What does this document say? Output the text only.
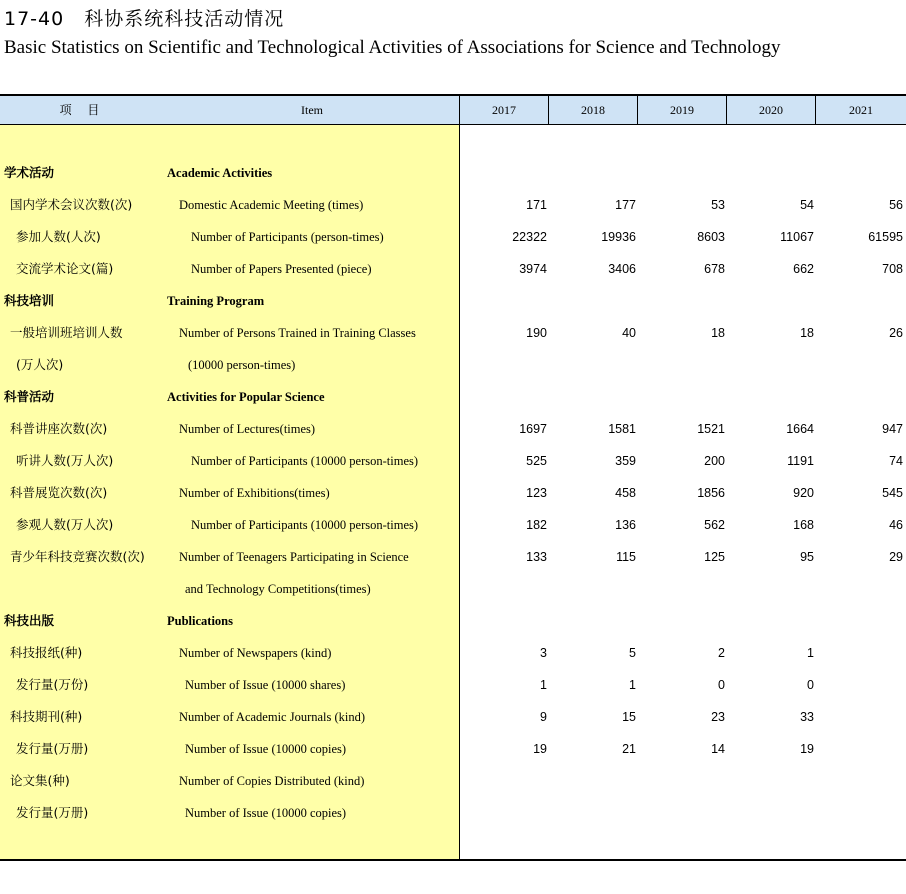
17-40　科协系统科技活动情况
Basic Statistics on Scientific and Technological Activities of Associations for Science and Technology
项 目	Item	2017	2018	2019	2020	2021
学术活动	Academic Activities
国内学术会议次数(次)	Domestic Academic Meeting (times)	171	177	53	54	56
参加人数(人次)	Number of Participants (person-times)	22322	19936	8603	11067	61595
交流学术论文(篇)	Number of Papers Presented (piece)	3974	3406	678	662	708
科技培训	Training Program
一般培训班培训人数	Number of Persons Trained in Training Classes	190	40	18	18	26
(万人次)	(10000 person-times)
科普活动	Activities for Popular Science
科普讲座次数(次)	Number of Lectures(times)	1697	1581	1521	1664	947
听讲人数(万人次)	Number of Participants (10000 person-times)	525	359	200	1191	74
科普展览次数(次)	Number of Exhibitions(times)	123	458	1856	920	545
参观人数(万人次)	Number of Participants (10000 person-times)	182	136	562	168	46
青少年科技竞赛次数(次)	Number of Teenagers Participating in Science	133	115	125	95	29
and Technology Competitions(times)
科技出版	Publications
科技报纸(种)	Number of Newspapers (kind)	3	5	2	1
发行量(万份)	Number of Issue (10000 shares)	1	1	0	0
科技期刊(种)	Number of Academic Journals (kind)	9	15	23	33
发行量(万册)	Number of Issue (10000 copies)	19	21	14	19
论文集(种)	Number of Copies Distributed (kind)
发行量(万册)	Number of Issue (10000 copies)
